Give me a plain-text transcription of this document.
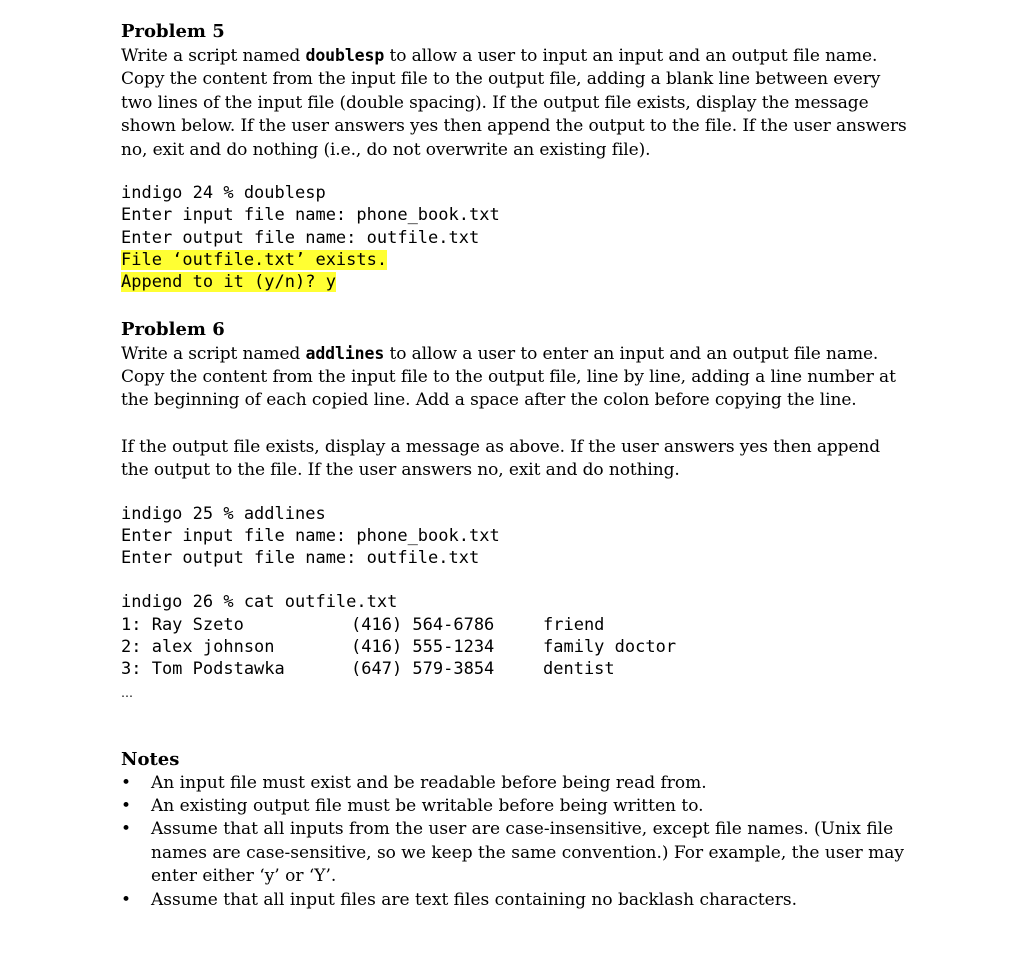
Problem 5

Write a script named doublesp to allow a user to input an input and an output file name. Copy the content from the input file to the output file, adding a blank line between every two lines of the input file (double spacing). If the output file exists, display the message shown below. If the user answers yes then append the output to the file. If the user answers no, exit and do nothing (i.e., do not overwrite an existing file).

indigo 24 % doublesp
Enter input file name: phone_book.txt
Enter output file name: outfile.txt
File ‘outfile.txt’ exists.
Append to it (y/n)? y
Problem 6

Write a script named addlines to allow a user to enter an input and an output file name. Copy the content from the input file to the output file, line by line, adding a line number at the beginning of each copied line. Add a space after the colon before copying the line.

If the output file exists, display a message as above. If the user answers yes then append the output to the file. If the user answers no, exit and do nothing.

indigo 25 % addlines
Enter input file name: phone_book.txt
Enter output file name: outfile.txt
indigo 26 % cat outfile.txt
1: Ray Szeto	(416) 564-6786	friend
2: alex johnson	(416) 555-1234	family doctor
3: Tom Podstawka	(647) 579-3854	dentist

…

Notes
• An input file must exist and be readable before being read from.
• An existing output file must be writable before being written to.
• Assume that all inputs from the user are case-insensitive, except file names. (Unix file names are case-sensitive, so we keep the same convention.) For example, the user may enter either ‘y’ or ‘Y’.
• Assume that all input files are text files containing no backlash characters.
